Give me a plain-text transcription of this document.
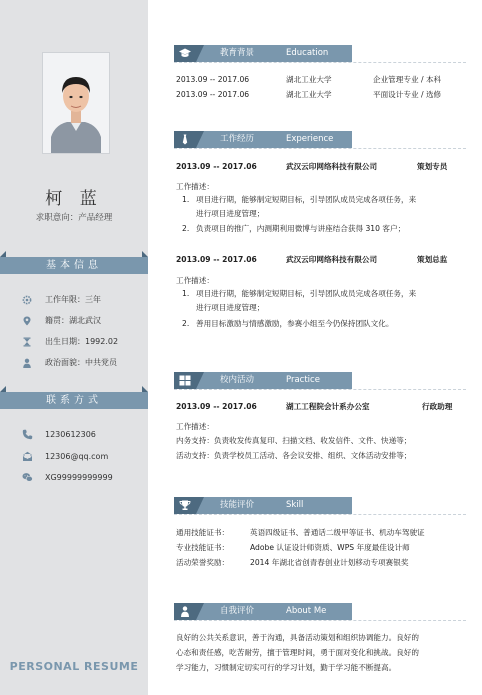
柯 蓝
求职意向：产品经理
基本信息
工作年限：三年
籍贯：湖北武汉
出生日期：1992.02
政治面貌：中共党员
联系方式
1230612306
12306@qq.com
XG99999999999
PERSONAL RESUME
教育背景	Education
2013.09 -- 2017.06	湖北工业大学	企业管理专业 / 本科
2013.09 -- 2017.06	湖北工业大学	平面设计专业 / 选修
工作经历	Experience
2013.09 -- 2017.06	武汉云印网络科技有限公司	策划专员
工作描述：
1. 项目进行期，能够制定短期目标，引导团队成员完成各项任务，来
进行项目进度管理；
2. 负责项目的推广，内测期利用微博与讲座结合获得 310 客户；
2013.09 -- 2017.06	武汉云印网络科技有限公司	策划总监
工作描述：
1. 项目进行期，能够制定短期目标，引导团队成员完成各项任务，来
进行项目进度管理；
2. 善用目标激励与情感激励，参赛小组至今仍保持团队文化。
校内活动	Practice
2013.09 -- 2017.06	湖工工程院会计系办公室	行政助理
工作描述：
内务支持：负责收发传真复印、扫描文档、收发信件、文件、快递等；
活动支持：负责学校员工活动、各会议安排、组织、文体活动安排等；
技能评价	Skill
通用技能证书：	英语四级证书、普通话二级甲等证书、机动车驾驶证
专业技能证书：	Adobe 认证设计师资质、WPS 年度最佳设计师
活动荣誉奖励：	2014 年湖北省创青春创业计划移动专项赛银奖
自我评价	About Me
良好的公共关系意识，善于沟通，具备活动策划和组织协调能力。良好的
心态和责任感，吃苦耐劳，擅于管理时间，勇于面对变化和挑战。良好的
学习能力，习惯制定切实可行的学习计划，勤于学习能不断提高。
